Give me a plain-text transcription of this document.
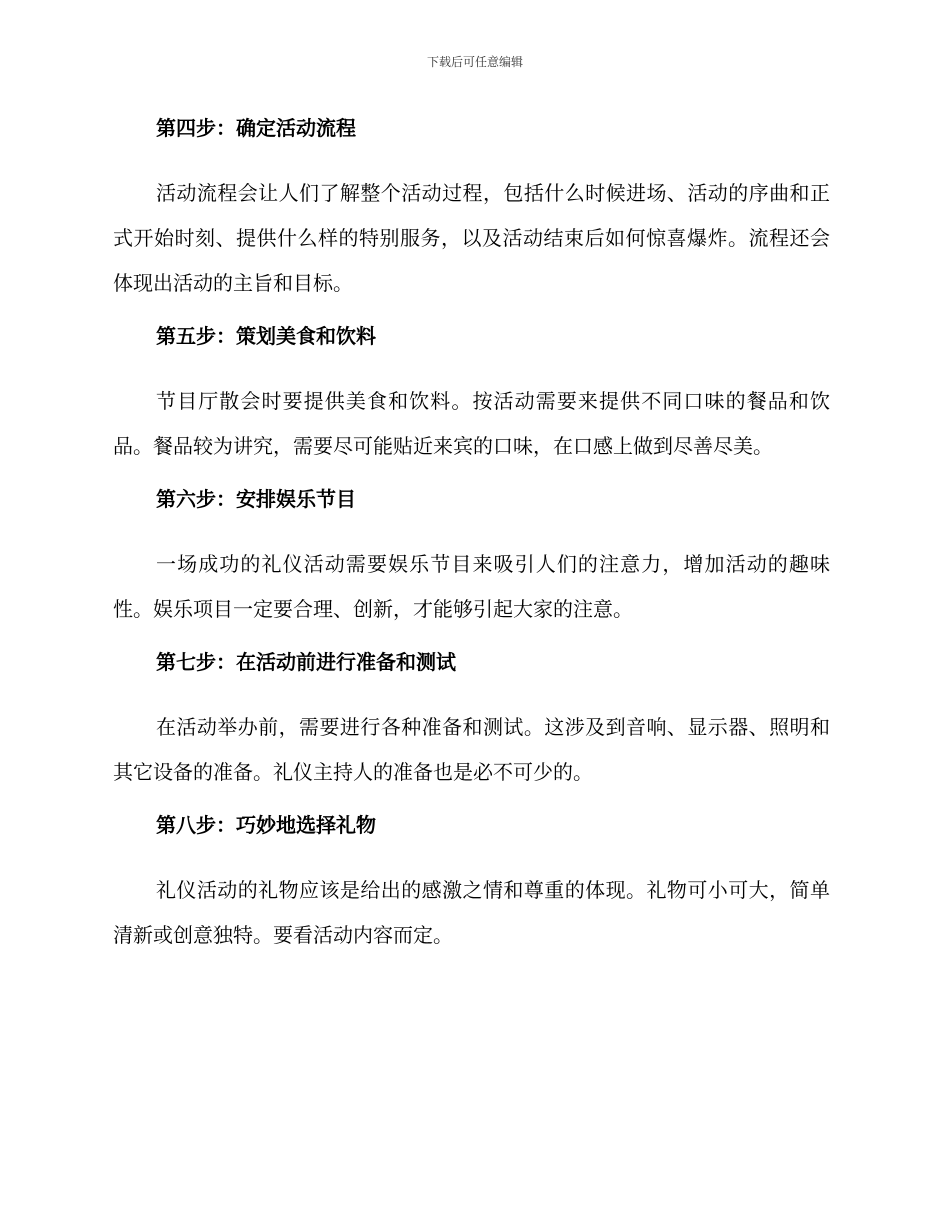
下载后可任意编辑

第四步：确定活动流程

活动流程会让人们了解整个活动过程，包括什么时候进场、活动的序曲和正式开始时刻、提供什么样的特别服务，以及活动结束后如何惊喜爆炸。流程还会体现出活动的主旨和目标。

第五步：策划美食和饮料

节目厅散会时要提供美食和饮料。按活动需要来提供不同口味的餐品和饮品。餐品较为讲究，需要尽可能贴近来宾的口味，在口感上做到尽善尽美。

第六步：安排娱乐节目

一场成功的礼仪活动需要娱乐节目来吸引人们的注意力，增加活动的趣味性。娱乐项目一定要合理、创新，才能够引起大家的注意。

第七步：在活动前进行准备和测试

在活动举办前，需要进行各种准备和测试。这涉及到音响、显示器、照明和其它设备的准备。礼仪主持人的准备也是必不可少的。

第八步：巧妙地选择礼物

礼仪活动的礼物应该是给出的感激之情和尊重的体现。礼物可小可大，简单清新或创意独特。要看活动内容而定。
